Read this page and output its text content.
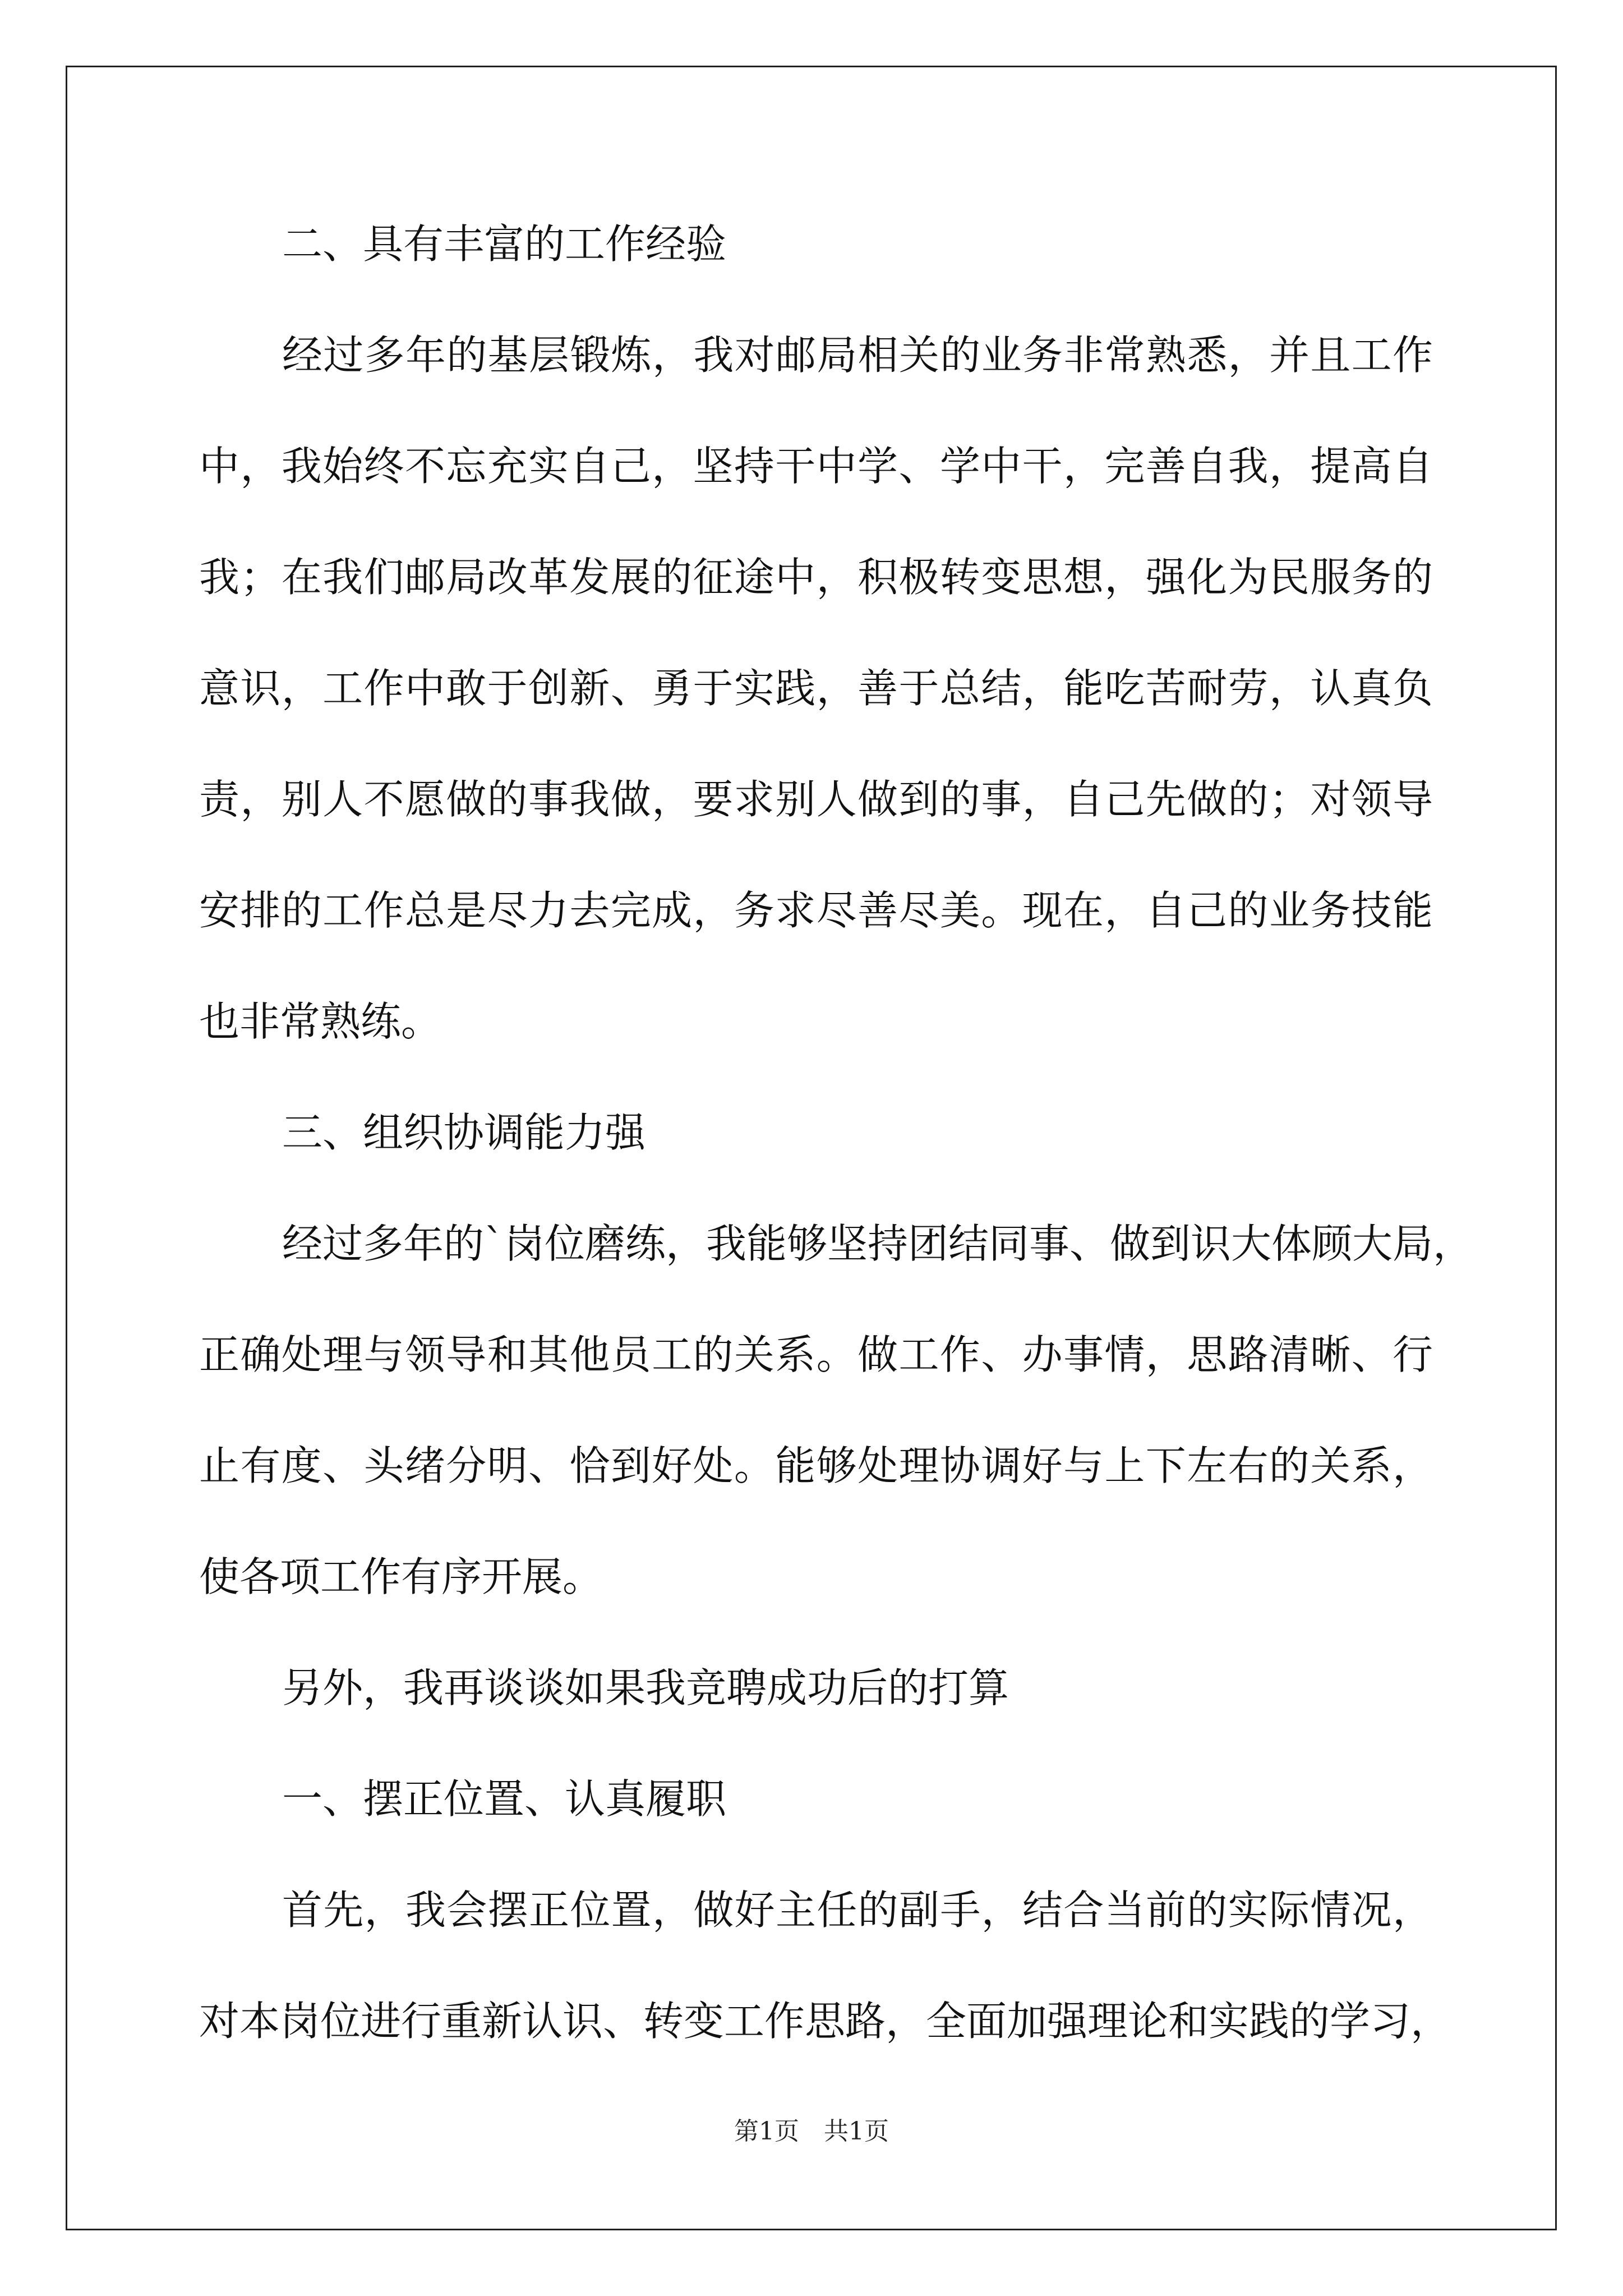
二、具有丰富的工作经验
经过多年的基层锻炼，我对邮局相关的业务非常熟悉，并且工作
中，我始终不忘充实自己，坚持干中学、学中干，完善自我，提高自
我；在我们邮局改革发展的征途中，积极转变思想，强化为民服务的
意识，工作中敢于创新、勇于实践，善于总结，能吃苦耐劳，认真负
责，别人不愿做的事我做，要求别人做到的事，自己先做的；对领导
安排的工作总是尽力去完成，务求尽善尽美。现在，自己的业务技能
也非常熟练。
三、组织协调能力强
经过多年的`岗位磨练，我能够坚持团结同事、做到识大体顾大局，
正确处理与领导和其他员工的关系。做工作、办事情，思路清晰、行
止有度、头绪分明、恰到好处。能够处理协调好与上下左右的关系，
使各项工作有序开展。
另外，我再谈谈如果我竞聘成功后的打算
一、摆正位置、认真履职
首先，我会摆正位置，做好主任的副手，结合当前的实际情况，
对本岗位进行重新认识、转变工作思路，全面加强理论和实践的学习，
第1页　共1页
